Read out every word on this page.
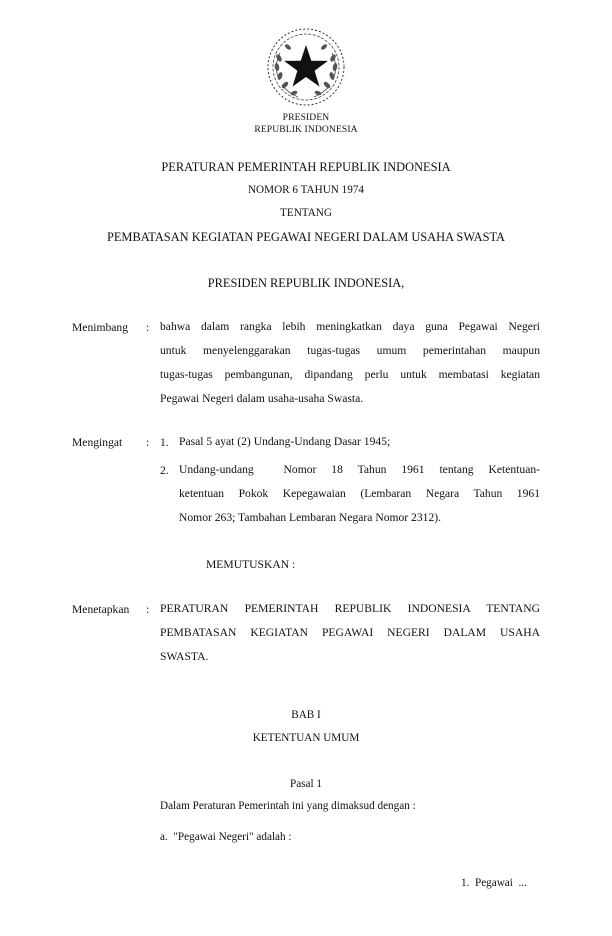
PRESIDEN
REPUBLIK INDONESIA
PERATURAN PEMERINTAH REPUBLIK INDONESIA
NOMOR 6 TAHUN 1974
TENTANG
PEMBATASAN KEGIATAN PEGAWAI NEGERI DALAM USAHA SWASTA
PRESIDEN REPUBLIK INDONESIA,
Menimbang : bahwa dalam rangka lebih meningkatkan daya guna Pegawai Negeri
untuk menyelenggarakan tugas-tugas umum pemerintahan maupun
tugas-tugas pembangunan, dipandang perlu untuk membatasi kegiatan
Pegawai Negeri dalam usaha-usaha Swasta.
Mengingat : 1. Pasal 5 ayat (2) Undang-Undang Dasar 1945;
2. Undang-undang  Nomor 18 Tahun 1961 tentang Ketentuan-
ketentuan Pokok Kepegawaian (Lembaran Negara Tahun 1961
Nomor 263; Tambahan Lembaran Negara Nomor 2312).
MEMUTUSKAN :
Menetapkan : PERATURAN PEMERINTAH REPUBLIK INDONESIA TENTANG
PEMBATASAN KEGIATAN PEGAWAI NEGERI DALAM USAHA
SWASTA.
BAB I
KETENTUAN UMUM
Pasal 1
Dalam Peraturan Pemerintah ini yang dimaksud dengan :
a.  "Pegawai Negeri" adalah :
1.  Pegawai  ...
